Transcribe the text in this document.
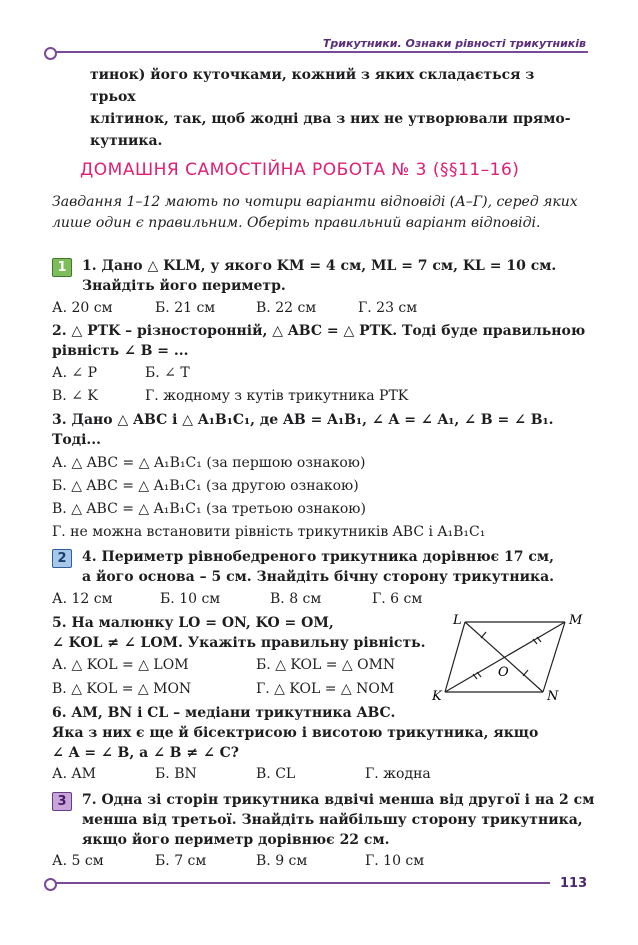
Трикутники. Ознаки рівності трикутників
тинок) його куточками, кожний з яких складається з трьох
клітинок, так, щоб жодні два з них не утворювали прямо-
кутника.
ДОМАШНЯ САМОСТІЙНА РОБОТА № 3 (§§11–16)
Завдання 1–12 мають по чотири варіанти відповіді (А–Г), серед яких лише один є правильним. Оберіть правильний варіант відповіді.
1	1. Дано △ KLM, у якого KM = 4 см, ML = 7 см, KL = 10 см.
Знайдіть його периметр.
А. 20 см	Б. 21 см	В. 22 см	Г. 23 см
2. △ PTK – різносторонній, △ ABC = △ PTK. Тоді буде правильною
рівність ∠ B = ...
А. ∠ P	Б. ∠ T
В. ∠ K	Г. жодному з кутів трикутника PTK
3. Дано △ ABC і △ A₁B₁C₁, де AB = A₁B₁, ∠ A = ∠ A₁, ∠ B = ∠ B₁.
Тоді...
А. △ ABC = △ A₁B₁C₁ (за першою ознакою)
Б. △ ABC = △ A₁B₁C₁ (за другою ознакою)
В. △ ABC = △ A₁B₁C₁ (за третьою ознакою)
Г. не можна встановити рівність трикутників ABC і A₁B₁C₁
2	4. Периметр рівнобедреного трикутника дорівнює 17 см,
а його основа – 5 см. Знайдіть бічну сторону трикутника.
А. 12 см	Б. 10 см	В. 8 см	Г. 6 см
5. На малюнку LO = ON, KO = OM,
∠ KOL ≠ ∠ LOM. Укажіть правильну рівність.
А. △ KOL = △ LOM	Б. △ KOL = △ OMN
В. △ KOL = △ MON	Г. △ KOL = △ NOM
L	M
K	N
O
6. AM, BN і CL – медіани трикутника ABC.
Яка з них є ще й бісектрисою і висотою трикутника, якщо
∠ A = ∠ B, а ∠ B ≠ ∠ C?
А. AM	Б. BN	В. CL	Г. жодна
3	7. Одна зі сторін трикутника вдвічі менша від другої і на 2 см
менша від третьої. Знайдіть найбільшу сторону трикутника,
якщо його периметр дорівнює 22 см.
А. 5 см	Б. 7 см	В. 9 см	Г. 10 см
113
